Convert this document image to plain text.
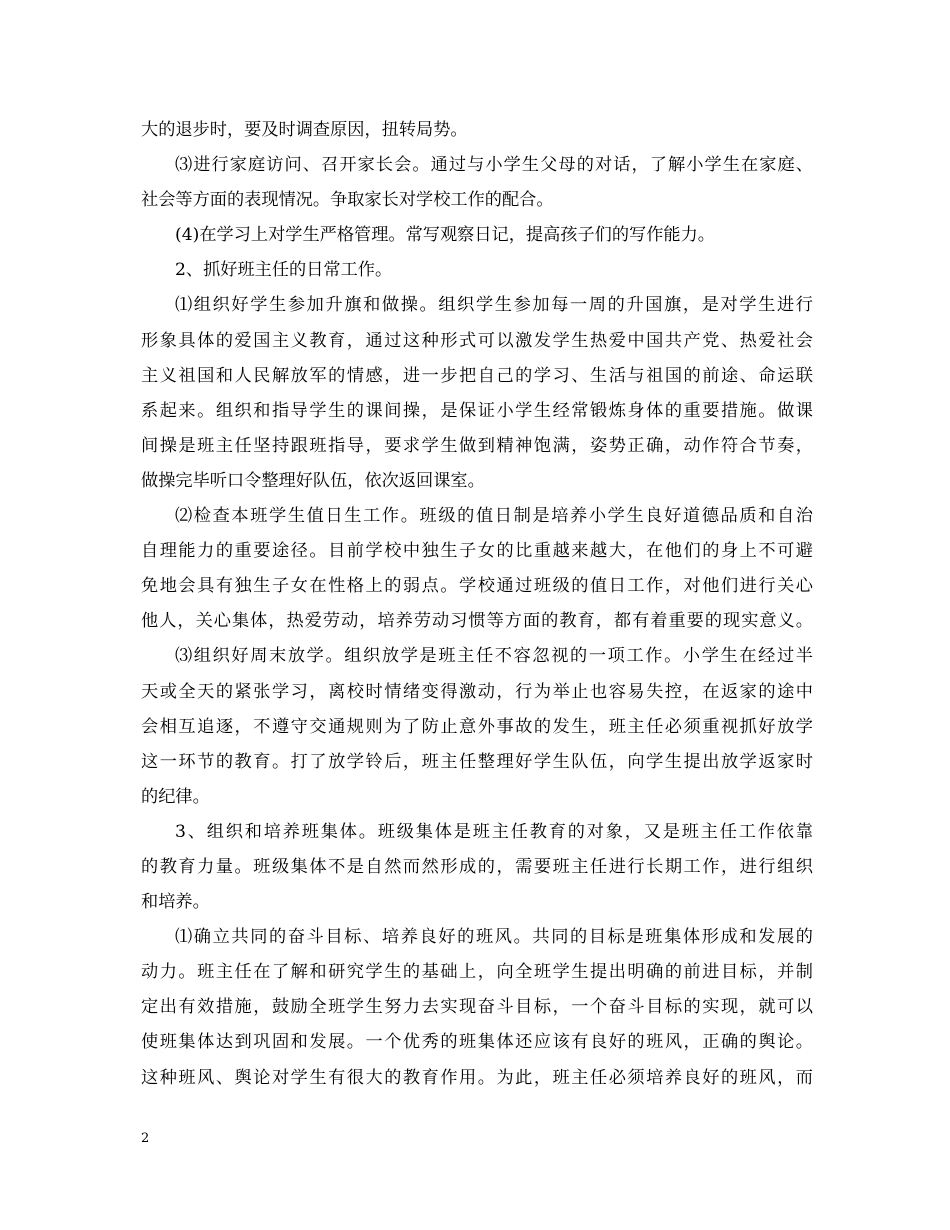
大的退步时，要及时调查原因，扭转局势。
⑶进行家庭访问、召开家长会。通过与小学生父母的对话，了解小学生在家庭、
社会等方面的表现情况。争取家长对学校工作的配合。
(4)在学习上对学生严格管理。常写观察日记，提高孩子们的写作能力。
2、抓好班主任的日常工作。
⑴组织好学生参加升旗和做操。组织学生参加每一周的升国旗，是对学生进行
形象具体的爱国主义教育，通过这种形式可以激发学生热爱中国共产党、热爱社会
主义祖国和人民解放军的情感，进一步把自己的学习、生活与祖国的前途、命运联
系起来。组织和指导学生的课间操，是保证小学生经常锻炼身体的重要措施。做课
间操是班主任坚持跟班指导，要求学生做到精神饱满，姿势正确，动作符合节奏，
做操完毕听口令整理好队伍，依次返回课室。
⑵检查本班学生值日生工作。班级的值日制是培养小学生良好道德品质和自治
自理能力的重要途径。目前学校中独生子女的比重越来越大，在他们的身上不可避
免地会具有独生子女在性格上的弱点。学校通过班级的值日工作，对他们进行关心
他人，关心集体，热爱劳动，培养劳动习惯等方面的教育，都有着重要的现实意义。
⑶组织好周末放学。组织放学是班主任不容忽视的一项工作。小学生在经过半
天或全天的紧张学习，离校时情绪变得激动，行为举止也容易失控，在返家的途中
会相互追逐，不遵守交通规则为了防止意外事故的发生，班主任必须重视抓好放学
这一环节的教育。打了放学铃后，班主任整理好学生队伍，向学生提出放学返家时
的纪律。
3、组织和培养班集体。班级集体是班主任教育的对象，又是班主任工作依靠
的教育力量。班级集体不是自然而然形成的，需要班主任进行长期工作，进行组织
和培养。
⑴确立共同的奋斗目标、培养良好的班风。共同的目标是班集体形成和发展的
动力。班主任在了解和研究学生的基础上，向全班学生提出明确的前进目标，并制
定出有效措施，鼓励全班学生努力去实现奋斗目标，一个奋斗目标的实现，就可以
使班集体达到巩固和发展。一个优秀的班集体还应该有良好的班风，正确的舆论。
这种班风、舆论对学生有很大的教育作用。为此，班主任必须培养良好的班风，而
2
